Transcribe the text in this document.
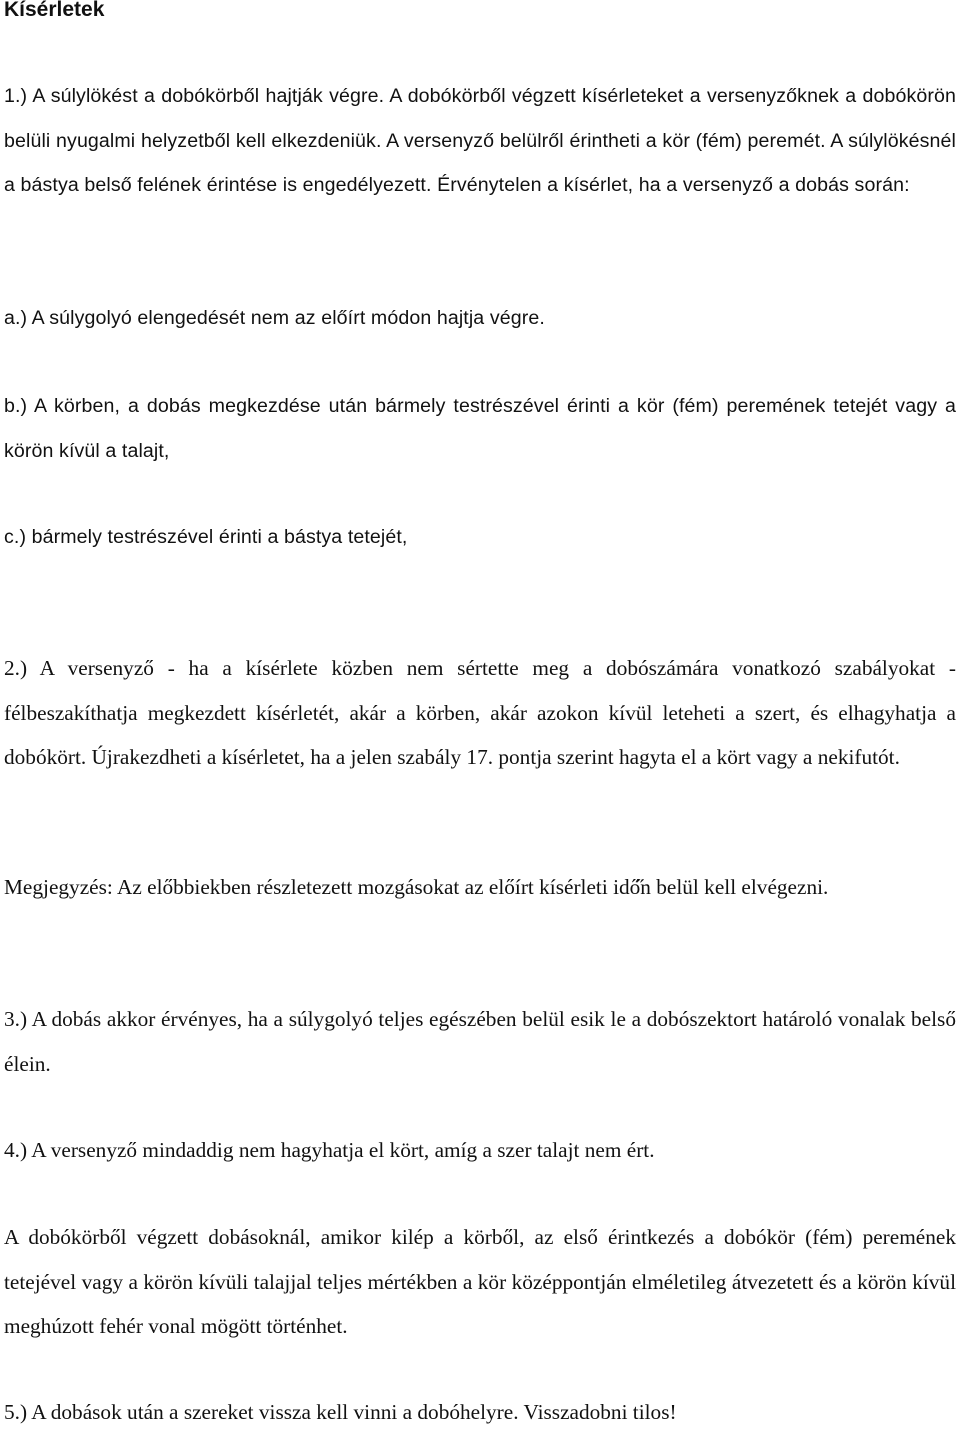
Kísérletek

1.) A súlylökést a dobókörből hajtják végre. A dobókörből végzett kísérleteket a versenyzőknek a dobókörön belüli nyugalmi helyzetből kell elkezdeniük. A versenyző belülről érintheti a kör (fém) peremét. A súlylökésnél a bástya belső felének érintése is engedélyezett. Érvénytelen a kísérlet, ha a versenyző a dobás során:

a.) A súlygolyó elengedését nem az előírt módon hajtja végre.

b.) A körben, a dobás megkezdése után bármely testrészével érinti a kör (fém) peremének tetejét vagy a körön kívül a talajt,

c.) bármely testrészével érinti a bástya tetejét,

2.) A versenyző - ha a kísérlete közben nem sértette meg a dobószámára vonatkozó szabályokat - félbeszakíthatja megkezdett kísérletét, akár a körben, akár azokon kívül leteheti a szert, és elhagyhatja a dobókört. Újrakezdheti a kísérletet, ha a jelen szabály 17. pontja szerint hagyta el a kört vagy a nekifutót.

Megjegyzés: Az előbbiekben részletezett mozgásokat az előírt kísérleti idő̋n belül kell elvégezni.

3.) A dobás akkor érvényes, ha a súlygolyó teljes egészében belül esik le a dobószektort határoló vonalak belső élein.

4.) A versenyző mindaddig nem hagyhatja el kört, amíg a szer talajt nem ért.

A dobókörből végzett dobásoknál, amikor kilép a körből, az első érintkezés a dobókör (fém) peremének tetejével vagy a körön kívüli talajjal teljes mértékben a kör középpontján elméletileg átvezetett és a körön kívül meghúzott fehér vonal mögött történhet.

5.) A dobások után a szereket vissza kell vinni a dobóhelyre. Visszadobni tilos!
